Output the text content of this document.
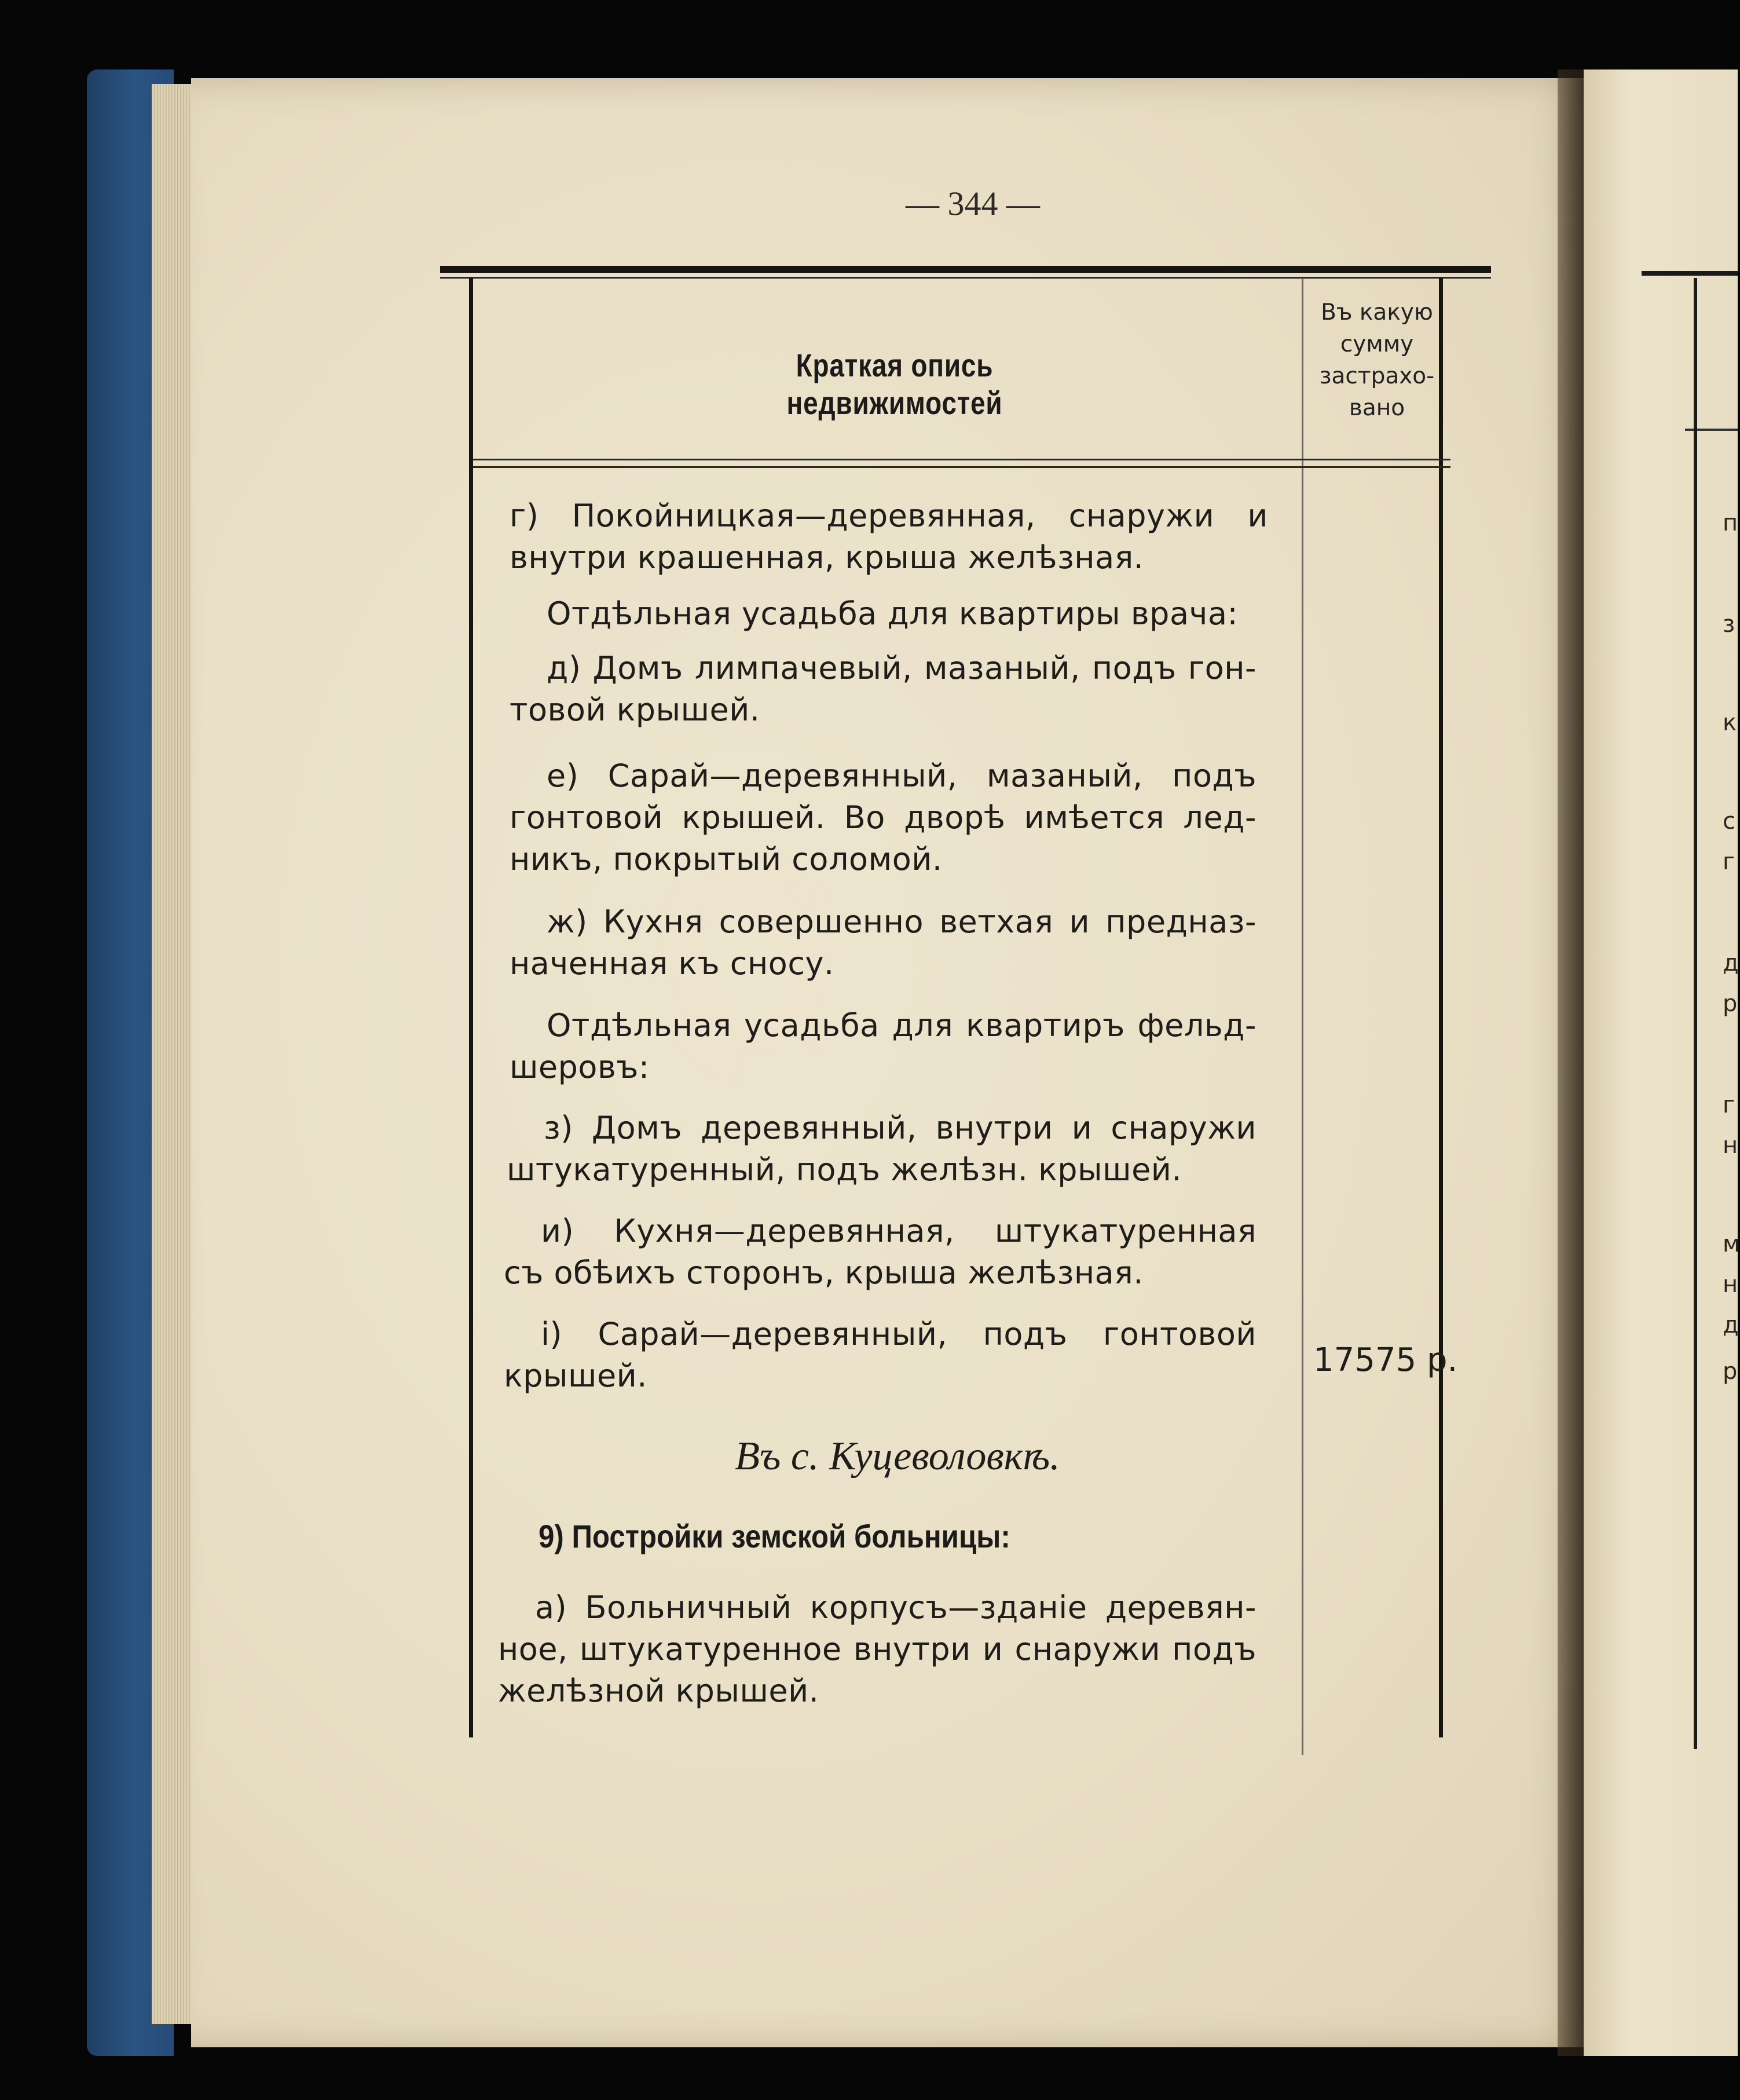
п
з
к
с
г
д
р
г
н
м
н
д
р

— 344 —
Краткая опись недвижимостей
Въ какую
сумму
застрахо-
вано
г) Покойницкая—деревянная, снаружи и
внутри крашенная, крыша желѣзная.
Отдѣльная усадьба для квартиры врача:
д) Домъ лимпачевый, мазаный, подъ гон-
товой крышей.
е) Сарай—деревянный, мазаный, подъ
гонтовой крышей. Во дворѣ имѣется лед-
никъ, покрытый соломой.
ж) Кухня совершенно ветхая и предназ-
наченная къ сносу.
Отдѣльная усадьба для квартиръ фельд-
шеровъ:
з) Домъ деревянный, внутри и снаружи
штукатуренный, подъ желѣзн. крышей.
и) Кухня—деревянная, штукатуренная
съ обѣихъ сторонъ, крыша желѣзная.
і) Сарай—деревянный, подъ гонтовой
крышей.	17575 р.
Въ с. Куцеволовкѣ.
9) Постройки земской больницы:
а) Больничный корпусъ—зданіе деревян-
ное, штукатуренное внутри и снаружи подъ
желѣзной крышей.
